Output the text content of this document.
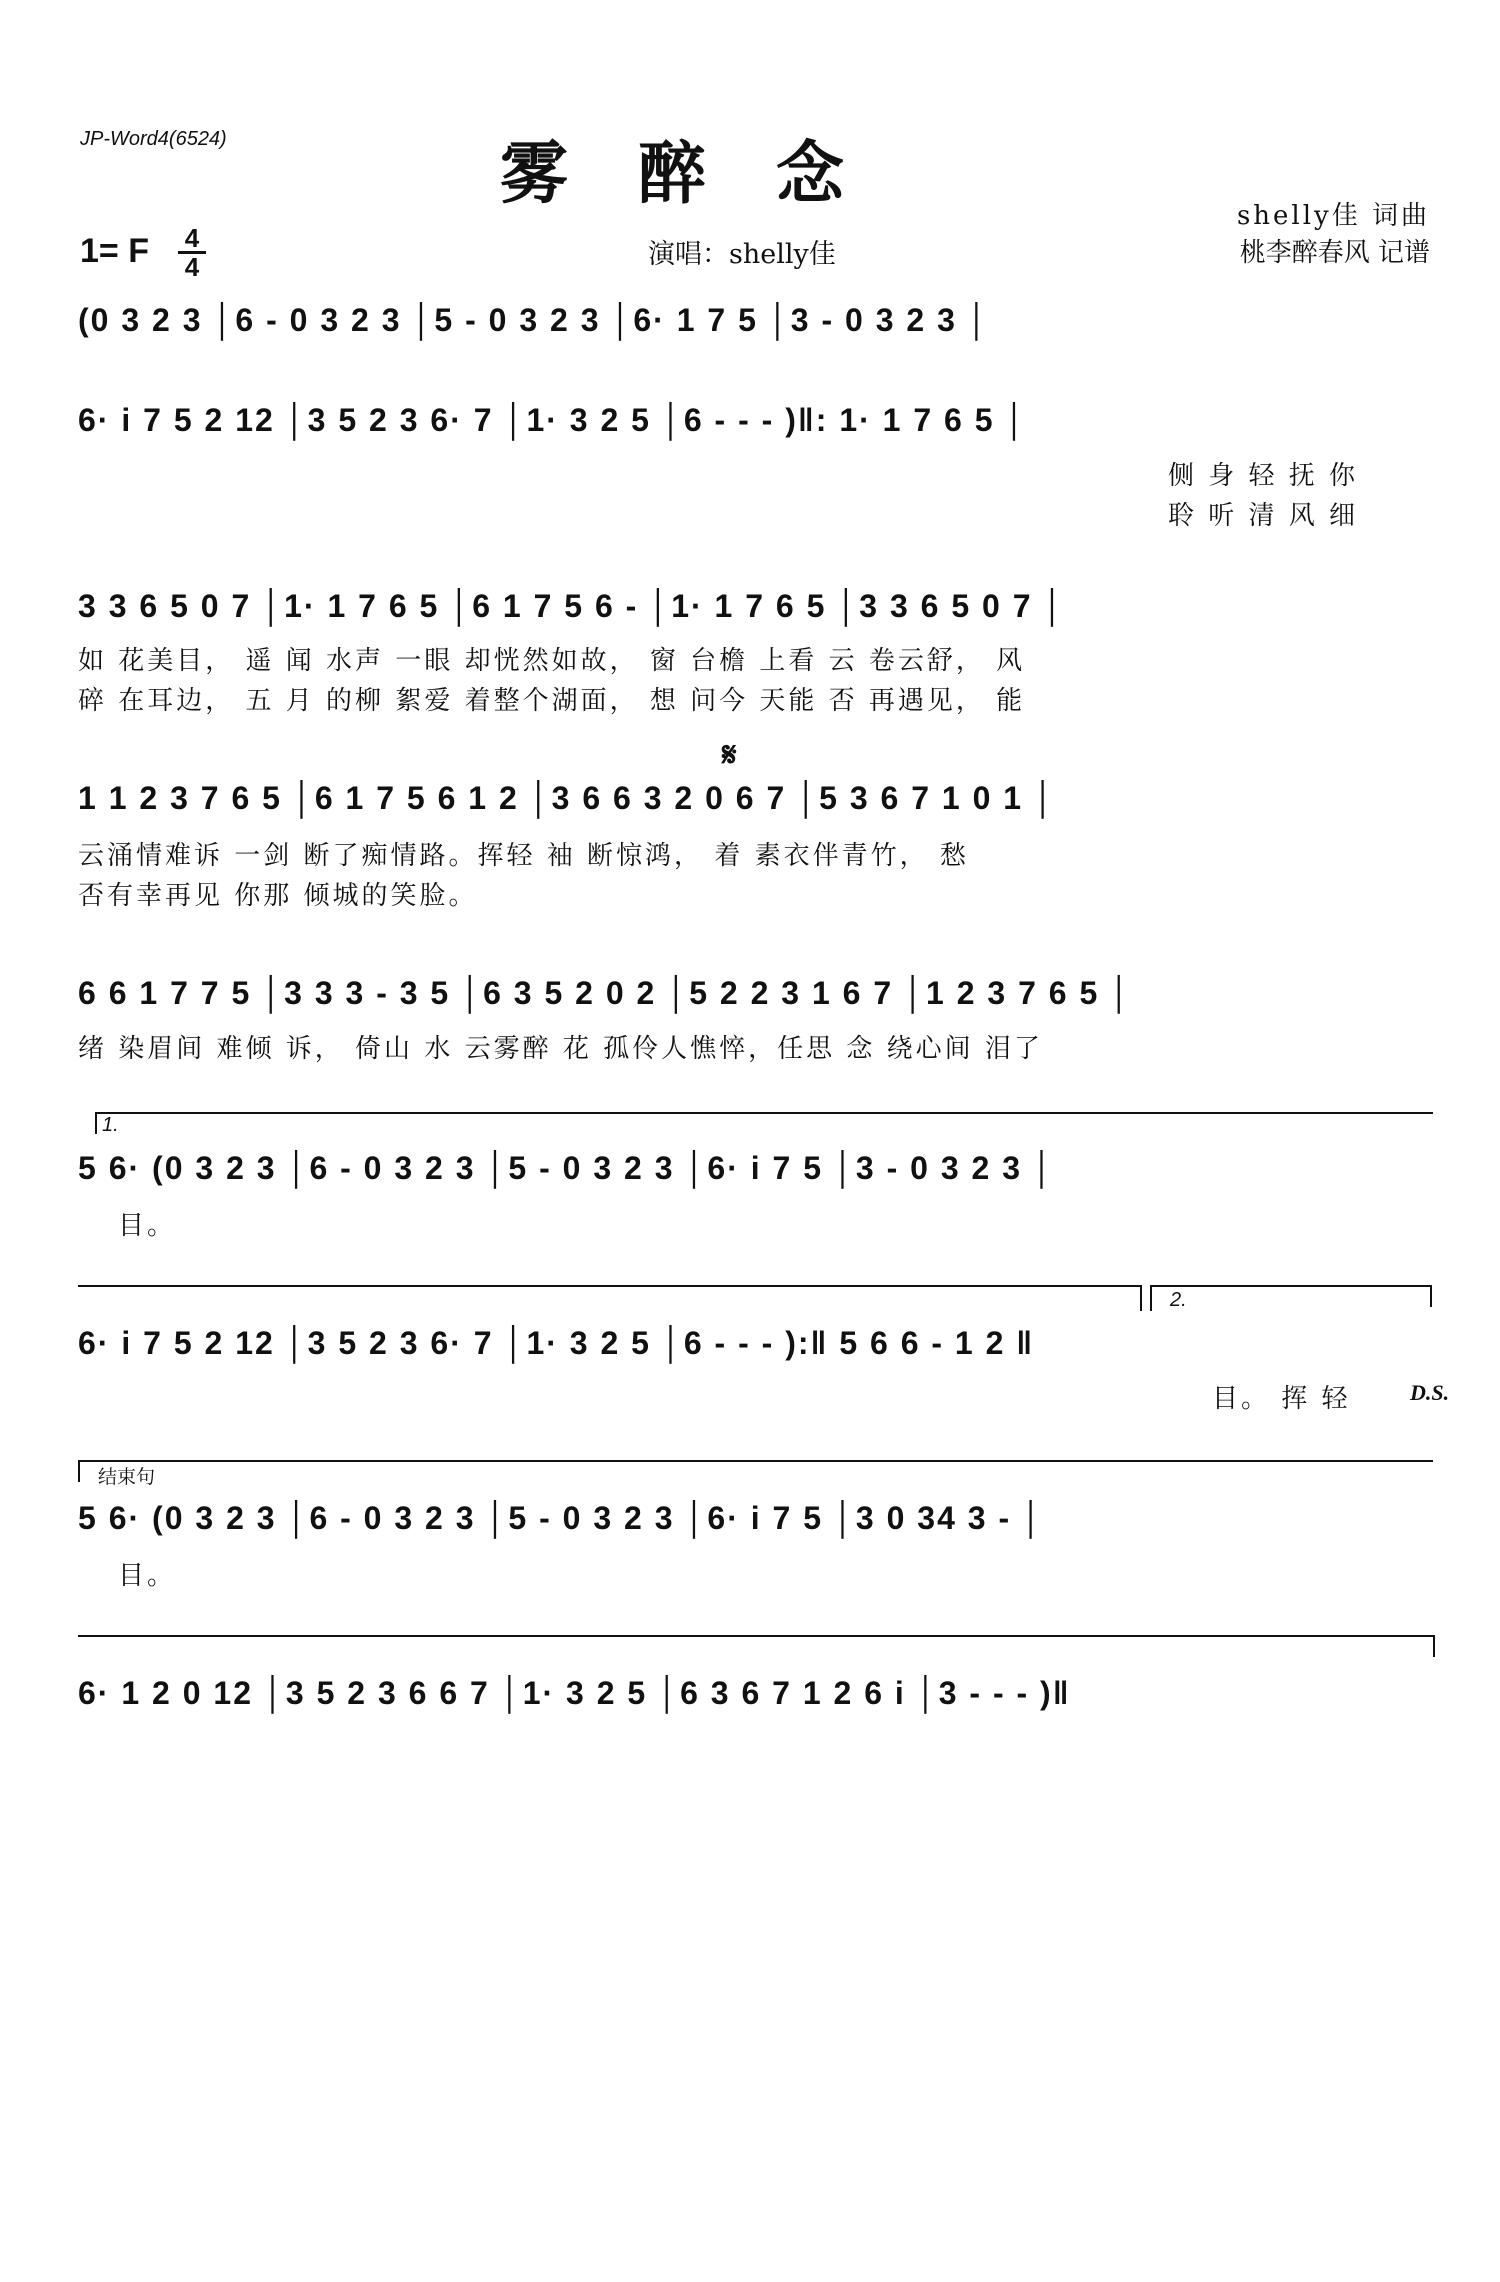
JP-Word4(6524)	雾醉念
1= F 4
4	演唱：shelly佳
shelly佳 词曲
桃李醉春风 记谱
(0 3 2 3 │6 - 0 3 2 3 │5 - 0 3 2 3 │6· 1 7 5 │3 - 0 3 2 3 │
6· i 7 5 2 12 │3 5 2 3 6· 7 │1· 3 2 5 │6 - - - )‖: 1· 1 7 6 5 │
侧 身 轻 抚 你
聆 听 清 风 细
3 3 6 5 0 7 │1· 1 7 6 5 │6 1 7 5 6 - │1· 1 7 6 5 │3 3 6 5 0 7 │
如 花美目， 遥 闻 水声 一眼 却恍然如故， 窗 台檐 上看 云 卷云舒， 风
碎 在耳边， 五 月 的柳 絮爱 着整个湖面， 想 问今 天能 否 再遇见， 能
𝄋
1 1 2 3 7 6 5 │6 1 7 5 6 1 2 │3 6 6 3 2 0 6 7 │5 3 6 7 1 0 1 │
云涌情难诉 一剑 断了痴情路。挥轻 袖 断惊鸿， 着 素衣伴青竹， 愁
否有幸再见 你那 倾城的笑脸。
6 6 1 7 7 5 │3 3 3 - 3 5 │6 3 5 2 0 2 │5 2 2 3 1 6 7 │1 2 3 7 6 5 │
绪 染眉间 难倾 诉， 倚山 水 云雾醉 花 孤伶人憔悴，任思 念 绕心间 泪了
1.
5 6· (0 3 2 3 │6 - 0 3 2 3 │5 - 0 3 2 3 │6· i 7 5 │3 - 0 3 2 3 │
目。
2.
6· i 7 5 2 12 │3 5 2 3 6· 7 │1· 3 2 5 │6 - - - ):‖ 5 6 6 - 1 2 ‖
目。 挥 轻	D.S.
结束句
5 6· (0 3 2 3 │6 - 0 3 2 3 │5 - 0 3 2 3 │6· i 7 5 │3 0 34 3 - │
目。
6· 1 2 0 12 │3 5 2 3 6 6 7 │1· 3 2 5 │6 3 6 7 1 2 6 i │3 - - - )‖
